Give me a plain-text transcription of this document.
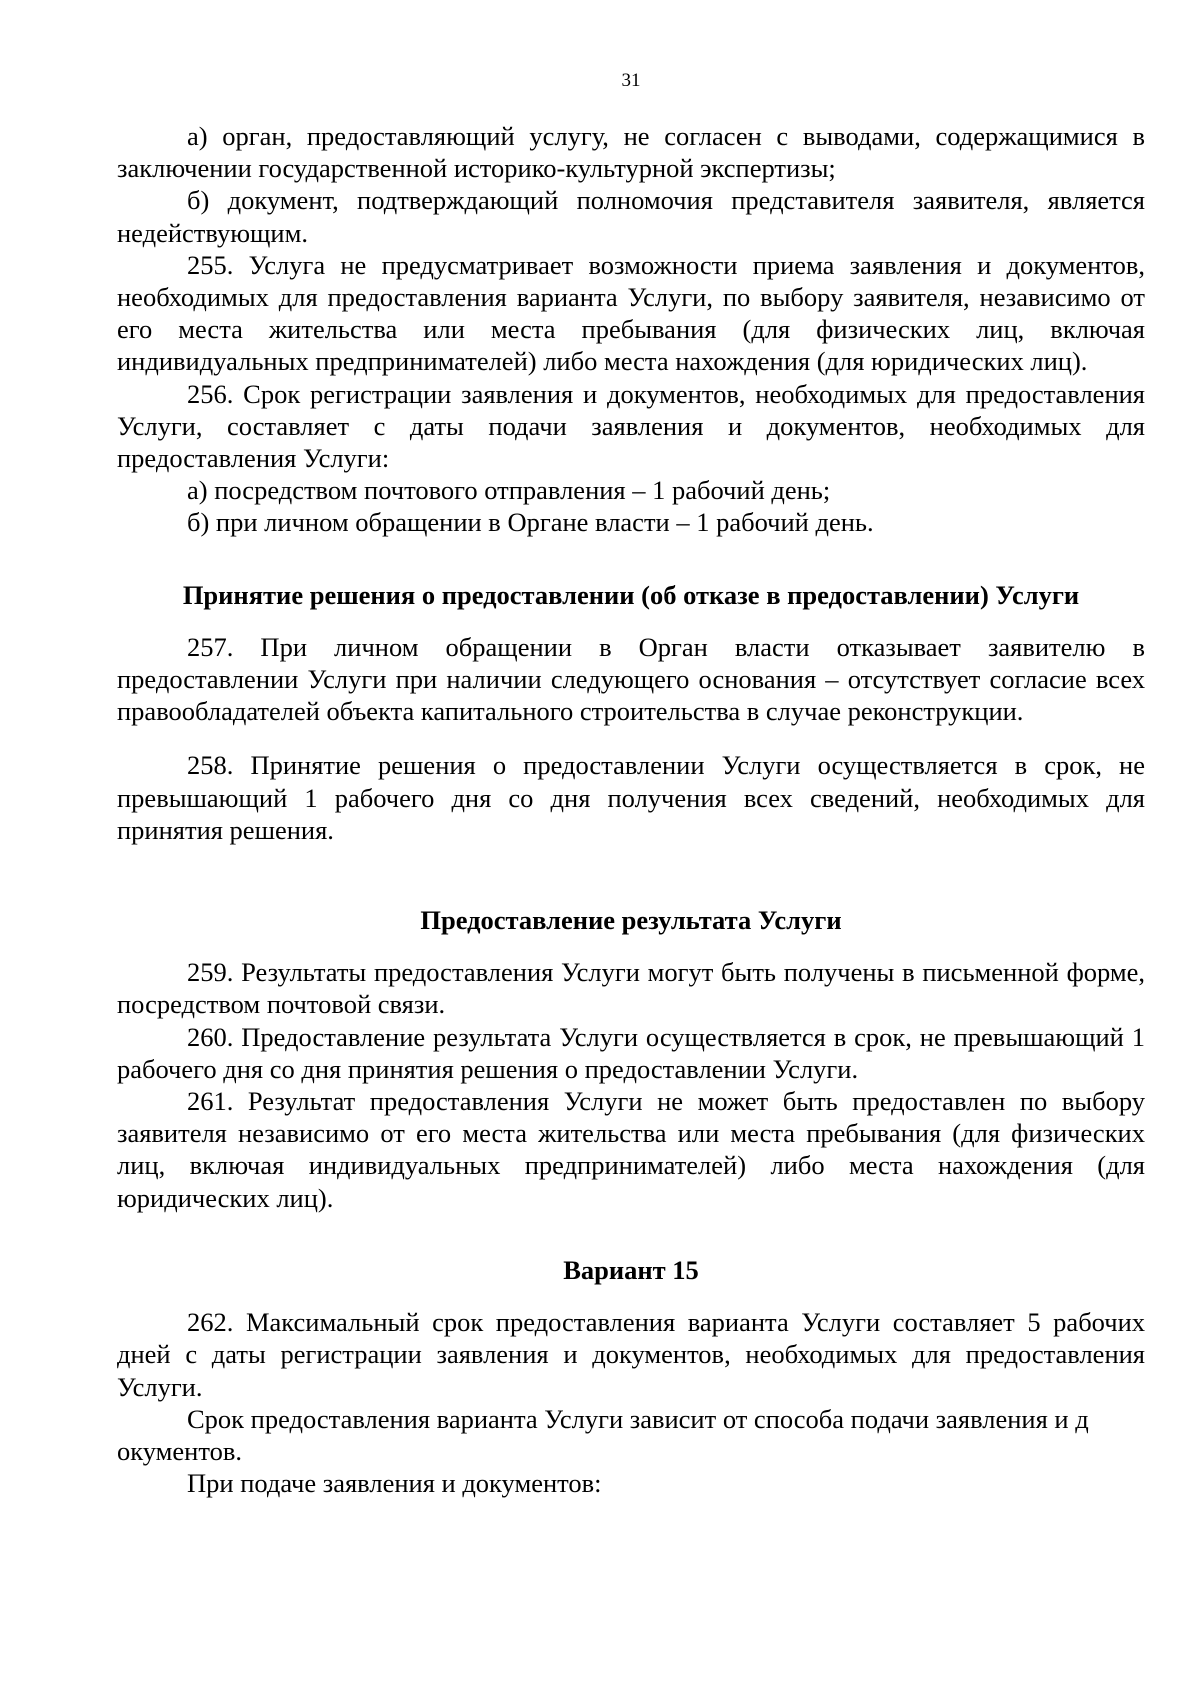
31

а) орган, предоставляющий услугу, не согласен с выводами, содержащимися в заключении государственной историко-культурной экспертизы;

б) документ, подтверждающий полномочия представителя заявителя, является недействующим.

255. Услуга не предусматривает возможности приема заявления и документов, необходимых для предоставления варианта Услуги, по выбору заявителя, независимо от его места жительства или места пребывания (для физических лиц, включая индивидуальных предпринимателей) либо места нахождения (для юридических лиц).

256. Срок регистрации заявления и документов, необходимых для предоставления Услуги, составляет с даты подачи заявления и документов, необходимых для предоставления Услуги:

а) посредством почтового отправления – 1 рабочий день;

б) при личном обращении в Органе власти – 1 рабочий день.

Принятие решения о предоставлении (об отказе в предоставлении) Услуги

257. При личном обращении в Орган власти отказывает заявителю в предоставлении Услуги при наличии следующего основания – отсутствует согласие всех правообладателей объекта капитального строительства в случае реконструкции.

258. Принятие решения о предоставлении Услуги осуществляется в срок, не превышающий 1 рабочего дня со дня получения всех сведений, необходимых для принятия решения.

Предоставление результата Услуги

259. Результаты предоставления Услуги могут быть получены в письменной форме, посредством почтовой связи.

260. Предоставление результата Услуги осуществляется в срок, не превышающий 1 рабочего дня со дня принятия решения о предоставлении Услуги.

261. Результат предоставления Услуги не может быть предоставлен по выбору заявителя независимо от его места жительства или места пребывания (для физических лиц, включая индивидуальных предпринимателей) либо места нахождения (для юридических лиц).

Вариант 15

262. Максимальный срок предоставления варианта Услуги составляет 5 рабочих дней с даты регистрации заявления и документов, необходимых для предоставления Услуги.

Срок предоставления варианта Услуги зависит от способа подачи заявления и д окументов.

При подаче заявления и документов:
